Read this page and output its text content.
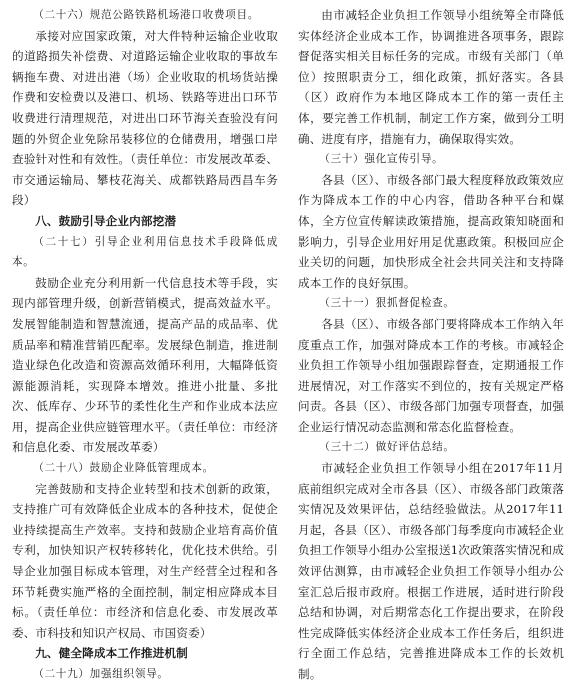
（二十六）规范公路铁路机场港口收费项目。

承接对应国家政策，对大件特种运输企业收取的道路损失补偿费、对道路运输企业收取的事故车辆拖车费、对进出港（场）企业收取的机场货站操作费和安检费以及港口、机场、铁路等进出口环节收费进行清理规范，对进出口环节海关查验没有问题的外贸企业免除吊装移位的仓储费用，增强口岸查验针对性和有效性。（责任单位：市发展改革委、市交通运输局、攀枝花海关、成都铁路局西昌车务段）

八、鼓励引导企业内部挖潜

（二十七）引导企业利用信息技术手段降低成本。

鼓励企业充分利用新一代信息技术等手段，实现内部管理升级，创新营销模式，提高效益水平。发展智能制造和智慧流通，提高产品的成品率、优质品率和精准营销匹配率。发展绿色制造，推进制造业绿色化改造和资源高效循环利用，大幅降低资源能源消耗，实现降本增效。推进小批量、多批次、低库存、少环节的柔性化生产和作业成本法应用，提高企业供应链管理水平。（责任单位：市经济和信息化委、市发展改革委）

（二十八）鼓励企业降低管理成本。

完善鼓励和支持企业转型和技术创新的政策，支持推广可有效降低企业成本的各种技术，促使企业持续提高生产效率。支持和鼓励企业培育高价值专利，加快知识产权转移转化，优化技术供给。引导企业加强目标成本管理，对生产经营全过程和各环节耗费实施严格的全面控制，制定相应降成本目标。（责任单位：市经济和信息化委、市发展改革委、市科技和知识产权局、市国资委）

九、健全降成本工作推进机制

（二十九）加强组织领导。

由市减轻企业负担工作领导小组统筹全市降低实体经济企业成本工作，协调推进各项事务，跟踪督促落实相关目标任务的完成。市级有关部门（单位）按照职责分工，细化政策，抓好落实。各县（区）政府作为本地区降成本工作的第一责任主体，要完善工作机制，制定工作方案，做到分工明确、进度有序，措施有力，确保取得实效。

（三十）强化宣传引导。

各县（区）、市级各部门最大程度释放政策效应作为降成本工作的中心内容，借助各种平台和媒体，全方位宣传解读政策措施，提高政策知晓面和影响力，引导企业用好用足优惠政策。积极回应企业关切的问题，加快形成全社会共同关注和支持降成本工作的良好氛围。

（三十一）狠抓督促检查。

各县（区）、市级各部门要将降成本工作纳入年度重点工作，加强对降成本工作的考核。市减轻企业负担工作领导小组加强跟踪督查，定期通报工作进展情况，对工作落实不到位的，按有关规定严格问责。各县（区）、市级各部门加强专项督查，加强企业运行情况动态监测和常态化监督检查。

（三十二）做好评估总结。

市减轻企业负担工作领导小组在2017年11月底前组织完成对全市各县（区）、市级各部门政策落实情况及效果评估，总结经验做法。从2017年11月起，各县（区）、市级各部门每季度向市减轻企业负担工作领导小组办公室报送1次政策落实情况和成效评估测算，由市减轻企业负担工作领导小组办公室汇总后报市政府。根据工作进展，适时进行阶段总结和协调，对后期常态化工作提出要求，在阶段性完成降低实体经济企业成本工作任务后，组织进行全面工作总结，完善推进降成本工作的长效机制。
